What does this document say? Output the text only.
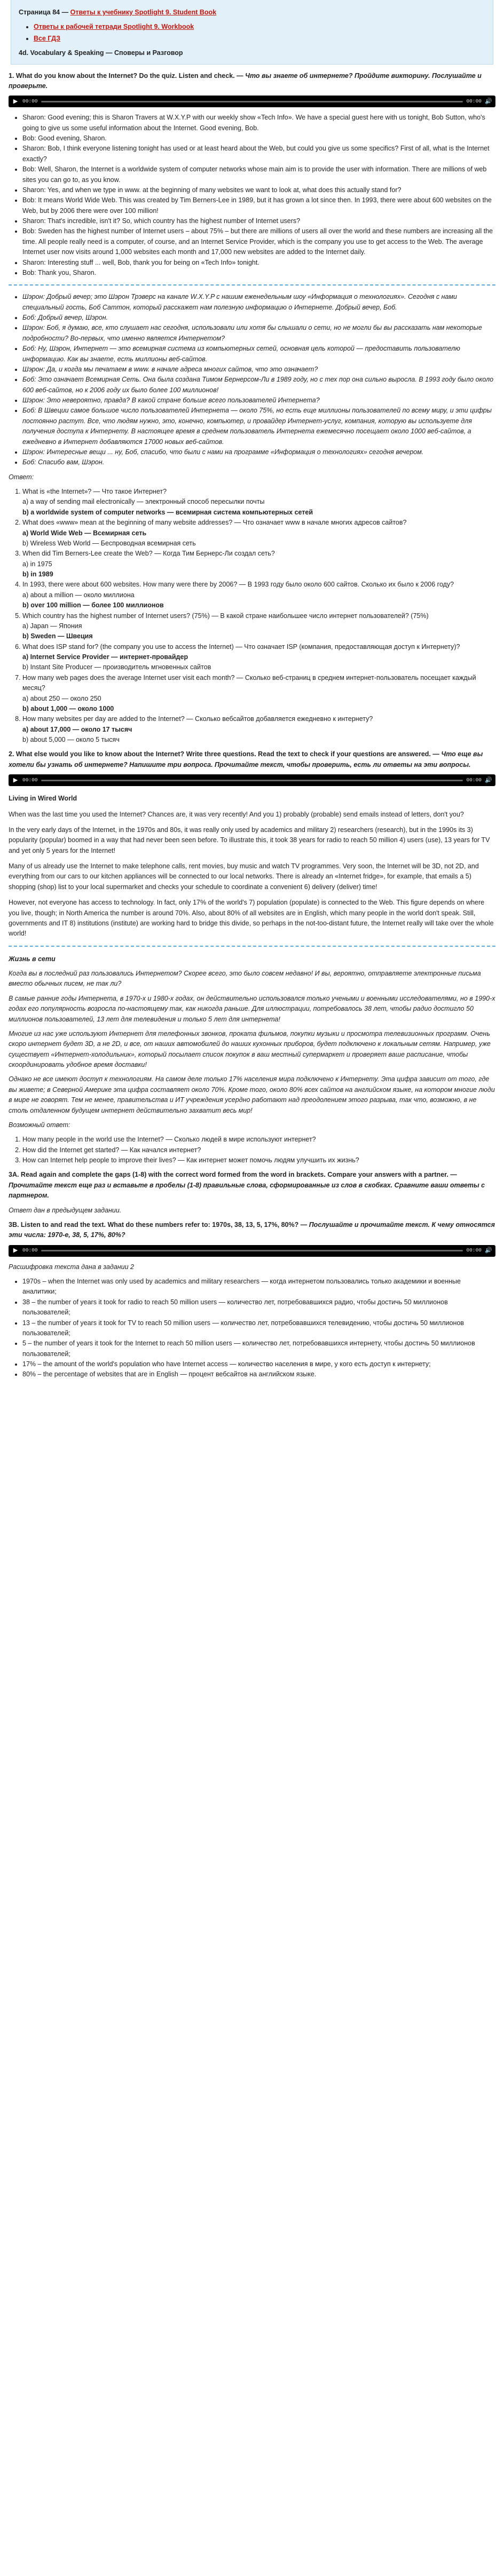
Страница 84 — Ответы к учебнику Spotlight 9. Student Book
• Ответы к рабочей тетради Spotlight 9. Workbook
• Все ГДЗ
4d. Vocabulary & Speaking — Споверы и Разговор
1. What do you know about the Internet? Do the quiz. Listen and check. — Что вы знаете об интернете? Пройдите викторину. Послушайте и проверьте.
▶ 00:00	00:00 🔊
• Sharon: Good evening; this is Sharon Travers at W.X.Y.P with our weekly show «Tech Info». We have a special guest here with us tonight, Bob Sutton, who's going to give us some useful information about the Internet. Good evening, Bob.
• Bob: Good evening, Sharon.
• Sharon: Bob, I think everyone listening tonight has used or at least heard about the Web, but could you give us some specifics? First of all, what is the Internet exactly?
• Bob: Well, Sharon, the Internet is a worldwide system of computer networks whose main aim is to provide the user with information. There are millions of web sites you can go to, as you know.
• Sharon: Yes, and when we type in www. at the beginning of many websites we want to look at, what does this actually stand for?
• Bob: It means World Wide Web. This was created by Tim Berners-Lee in 1989, but it has grown a lot since then. In 1993, there were about 600 websites on the Web, but by 2006 there were over 100 million!
• Sharon: That's incredible, isn't it? So, which country has the highest number of Internet users?
• Bob: Sweden has the highest number of Internet users – about 75% – but there are millions of users all over the world and these numbers are increasing all the time. All people really need is a computer, of course, and an Internet Service Provider, which is the company you use to get access to the Web. The average Internet user now visits around 1,000 websites each month and 17,000 new websites are added to the Internet daily.
• Sharon: Interesting stuff ... well, Bob, thank you for being on «Tech Info» tonight.
• Bob: Thank you, Sharon.
• Шэрон: Добрый вечер; это Шэрон Трэверс на канале W.X.Y.P с нашим еженедельным шоу «Информация о технологиях». Сегодня с нами специальный гость, Боб Саттон, который расскажет нам полезную информацию о Интернете. Добрый вечер, Боб.
• Боб: Добрый вечер, Шэрон.
• Шэрон: Боб, я думаю, все, кто слушает нас сегодня, использовали или хотя бы слышали о сети, но не могли бы вы рассказать нам некоторые подробности? Во-первых, что именно является Интернетом?
• Боб: Ну, Шэрон, Интернет — это всемирная система из компьютерных сетей, основная цель которой — предоставить пользователю информацию. Как вы знаете, есть миллионы веб-сайтов.
• Шэрон: Да, и когда мы печатаем в www. в начале адреса многих сайтов, что это означает?
• Боб: Это означает Всемирная Сеть. Она была создана Тимом Бернерсом-Ли в 1989 году, но с тех пор она сильно выросла. В 1993 году было около 600 веб-сайтов, но к 2006 году их было более 100 миллионов!
• Шэрон: Это невероятно, правда? В какой стране больше всего пользователей Интернета?
• Боб: В Швеции самое большое число пользователей Интернета — около 75%, но есть еще миллионы пользователей по всему миру, и эти цифры постоянно растут. Все, что людям нужно, это, конечно, компьютер, и провайдер Интернет-услуг, компания, которую вы используете для получения доступа к Интернету. В настоящее время в среднем пользователь Интернета ежемесячно посещает около 1000 веб-сайтов, а ежедневно в Интернет добавляются 17000 новых веб-сайтов.
• Шэрон: Интересные вещи ... ну, Боб, спасибо, что были с нами на программе «Информация о технологиях» сегодня вечером.
• Боб: Спасибо вам, Шэрон.
Ответ:
1. What is «the Internet»? — Что такое Интернет?
a) a way of sending mail electronically — электронный способ пересылки почты
b) a worldwide system of computer networks — всемирная система компьютерных сетей
2. What does «www» mean at the beginning of many website addresses? — Что означает www в начале многих адресов сайтов?
a) World Wide Web — Всемирная сеть
b) Wireless Web World — Беспроводная всемирная сеть
3. When did Tim Berners-Lee create the Web? — Когда Тим Бернерс-Ли создал сеть?
a) in 1975
b) in 1989
4. In 1993, there were about 600 websites. How many were there by 2006? — В 1993 году было около 600 сайтов. Сколько их было к 2006 году?
a) about a million — около миллиона
b) over 100 million — более 100 миллионов
5. Which country has the highest number of Internet users? (75%) — В какой стране наибольшее число интернет пользователей? (75%)
a) Japan — Япония
b) Sweden — Швеция
6. What does ISP stand for? (the company you use to access the Internet) — Что означает ISP (компания, предоставляющая доступ к Интернету)?
a) Internet Service Provider — интернет-провайдер
b) Instant Site Producer — производитель мгновенных сайтов
7. How many web pages does the average Internet user visit each month? — Сколько веб-страниц в среднем интернет-пользователь посещает каждый месяц?
a) about 250 — около 250
b) about 1,000 — около 1000
8. How many websites per day are added to the Internet? — Сколько вебсайтов добавляется ежедневно к интернету?
a) about 17,000 — около 17 тысяч
b) about 5,000 — около 5 тысяч
2. What else would you like to know about the Internet? Write three questions. Read the text to check if your questions are answered. — Что еще вы хотели бы узнать об интернете? Напишите три вопроса. Прочитайте текст, чтобы проверить, есть ли ответы на эти вопросы.
▶ 00:00	00:00 🔊
Living in Wired World
When was the last time you used the Internet? Chances are, it was very recently! And you 1) probably (probable) send emails instead of letters, don't you?
In the very early days of the Internet, in the 1970s and 80s, it was really only used by academics and military 2) researchers (research), but in the 1990s its 3) popularity (popular) boomed in a way that had never been seen before. To illustrate this, it took 38 years for radio to reach 50 million 4) users (use), 13 years for TV and yet only 5 years for the Internet!
Many of us already use the Internet to make telephone calls, rent movies, buy music and watch TV programmes. Very soon, the Internet will be 3D, not 2D, and everything from our cars to our kitchen appliances will be connected to our local networks. There is already an «Internet fridge», for example, that emails a 5) shopping (shop) list to your local supermarket and checks your schedule to coordinate a convenient 6) delivery (deliver) time!
However, not everyone has access to technology. In fact, only 17% of the world's 7) population (populate) is connected to the Web. This figure depends on where you live, though; in North America the number is around 70%. Also, about 80% of all websites are in English, which many people in the world don't speak. Still, governments and IT 8) institutions (institute) are working hard to bridge this divide, so perhaps in the not-too-distant future, the Internet really will take over the whole world!
Жизнь в сети
Когда вы в последний раз пользовались Интернетом? Скорее всего, это было совсем недавно! И вы, вероятно, отправляете электронные письма вместо обычных писем, не так ли?
В самые ранние годы Интернета, в 1970-х и 1980-х годах, он действительно использовался только учеными и военными исследователями, но в 1990-х годах его популярность возросла по-настоящему так, как никогда раньше. Для иллюстрации, потребовалось 38 лет, чтобы радио достигло 50 миллионов пользователей, 13 лет для телевидения и только 5 лет для интернета!
Многие из нас уже используют Интернет для телефонных звонков, проката фильмов, покупки музыки и просмотра телевизионных программ. Очень скоро интернет будет 3D, а не 2D, и все, от наших автомобилей до наших кухонных приборов, будет подключено к локальным сетям. Например, уже существует «Интернет-холодильник», который посылает список покупок в ваш местный супермаркет и проверяет ваше расписание, чтобы скоординировать удобное время доставки!
Однако не все имеют доступ к технологиям. На самом деле только 17% населения мира подключено к Интернету. Эта цифра зависит от того, где вы живете; в Северной Америке эта цифра составляет около 70%. Кроме того, около 80% всех сайтов на английском языке, на котором многие люди в мире не говорят. Тем не менее, правительства и ИТ учреждения усердно работают над преодолением этого разрыва, так что, возможно, в не столь отдаленном будущем интернет действительно захватит весь мир!
Возможный ответ:
1. How many people in the world use the Internet? — Сколько людей в мире используют интернет?
2. How did the Internet get started? — Как начался интернет?
3. How can Internet help people to improve their lives? — Как интернет может помочь людям улучшить их жизнь?
3A. Read again and complete the gaps (1-8) with the correct word formed from the word in brackets. Compare your answers with a partner. — Прочитайте текст еще раз и вставьте в пробелы (1-8) правильные слова, сформированные из слов в скобках. Сравните ваши ответы с партнером.
Ответ дан в предыдущем задании.
3B. Listen to and read the text. What do these numbers refer to: 1970s, 38, 13, 5, 17%, 80%? — Послушайте и прочитайте текст. К чему относятся эти числа: 1970-е, 38, 5, 17%, 80%?
▶ 00:00	00:00 🔊
Расшифровка текста дана в задании 2
• 1970s – when the Internet was only used by academics and military researchers — когда интернетом пользовались только академики и военные аналитики;
• 38 – the number of years it took for radio to reach 50 million users — количество лет, потребовавшихся радио, чтобы достичь 50 миллионов пользователей;
• 13 – the number of years it took for TV to reach 50 million users — количество лет, потребовавшихся телевидению, чтобы достичь 50 миллионов пользователей;
• 5 – the number of years it took for the Internet to reach 50 million users — количество лет, потребовавшихся интернету, чтобы достичь 50 миллионов пользователей;
• 17% – the amount of the world's population who have Internet access — количество населения в мире, у кого есть доступ к интернету;
• 80% – the percentage of websites that are in English — процент вебсайтов на английском языке.
